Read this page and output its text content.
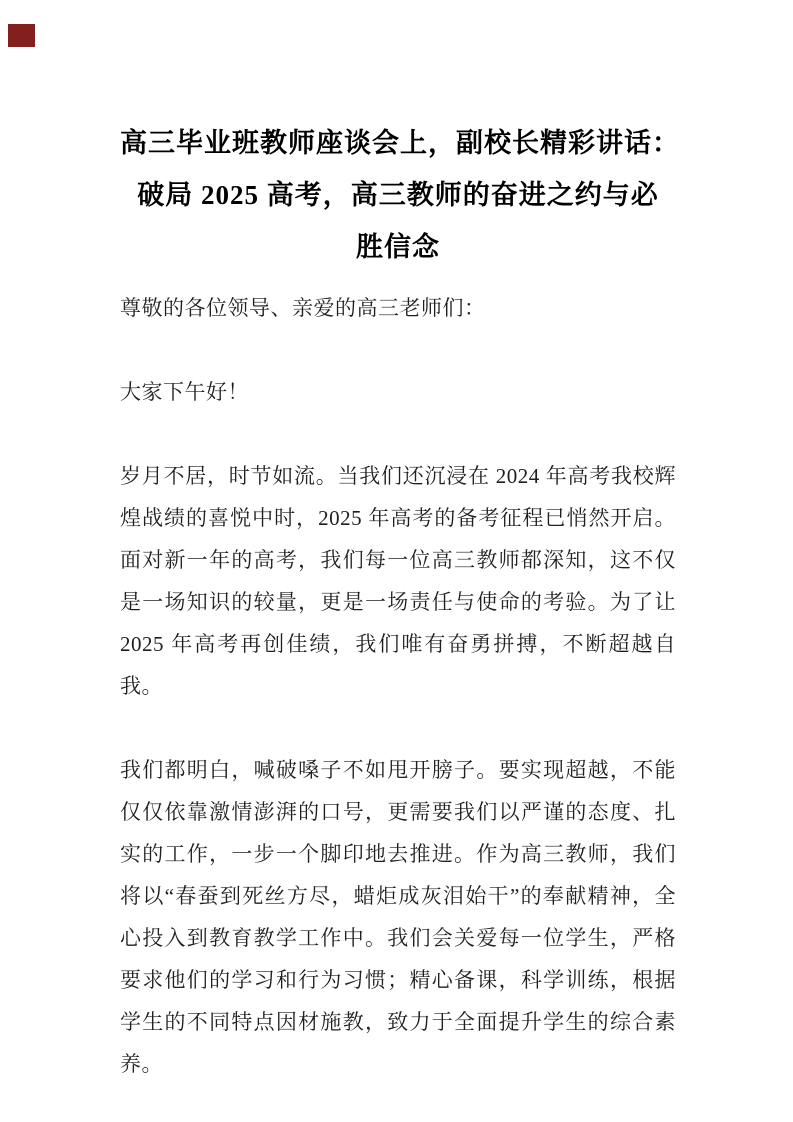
高三毕业班教师座谈会上，副校长精彩讲话：
破局 2025 高考，高三教师的奋进之约与必
胜信念

尊敬的各位领导、亲爱的高三老师们：

大家下午好！

岁月不居，时节如流。当我们还沉浸在 2024 年高考我校辉煌战绩的喜悦中时，2025 年高考的备考征程已悄然开启。面对新一年的高考，我们每一位高三教师都深知，这不仅是一场知识的较量，更是一场责任与使命的考验。为了让 2025 年高考再创佳绩，我们唯有奋勇拼搏，不断超越自我。

我们都明白，喊破嗓子不如甩开膀子。要实现超越，不能仅仅依靠激情澎湃的口号，更需要我们以严谨的态度、扎实的工作，一步一个脚印地去推进。作为高三教师，我们将以“春蚕到死丝方尽，蜡炬成灰泪始干”的奉献精神，全心投入到教育教学工作中。我们会关爱每一位学生，严格要求他们的学习和行为习惯；精心备课，科学训练，根据学生的不同特点因材施教，致力于全面提升学生的综合素养。
